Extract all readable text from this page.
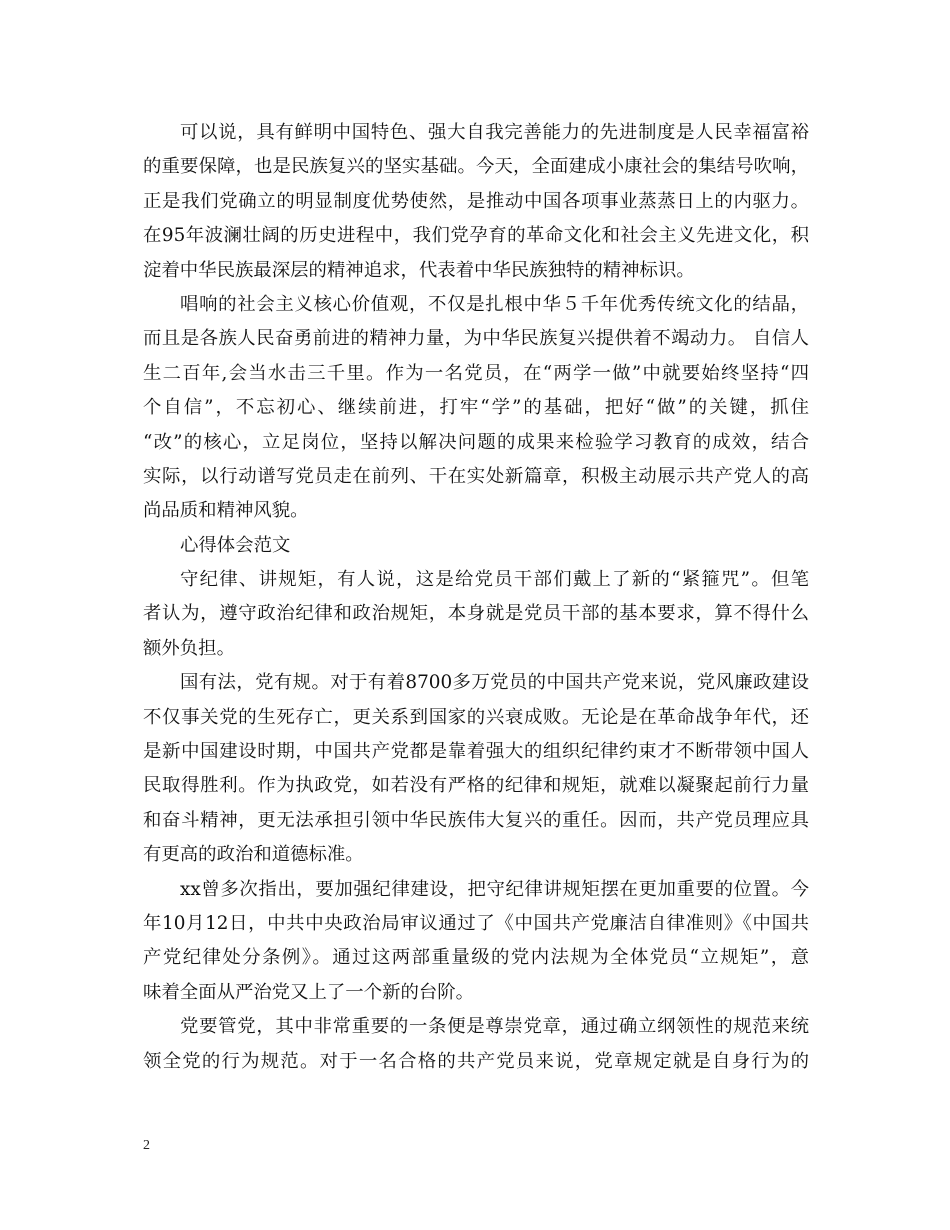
可以说，具有鲜明中国特色、强大自我完善能力的先进制度是人民幸福富裕
的重要保障，也是民族复兴的坚实基础。今天，全面建成小康社会的集结号吹响，
正是我们党确立的明显制度优势使然，是推动中国各项事业蒸蒸日上的内驱力。
在95年波澜壮阔的历史进程中，我们党孕育的革命文化和社会主义先进文化，积
淀着中华民族最深层的精神追求，代表着中华民族独特的精神标识。
唱响的社会主义核心价值观，不仅是扎根中华５千年优秀传统文化的结晶，
而且是各族人民奋勇前进的精神力量，为中华民族复兴提供着不竭动力。 自信人
生二百年,会当水击三千里。作为一名党员，在“两学一做”中就要始终坚持“四
个自信”，不忘初心、继续前进，打牢“学”的基础，把好“做”的关键，抓住
“改”的核心，立足岗位，坚持以解决问题的成果来检验学习教育的成效，结合
实际，以行动谱写党员走在前列、干在实处新篇章，积极主动展示共产党人的高
尚品质和精神风貌。
心得体会范文
守纪律、讲规矩，有人说，这是给党员干部们戴上了新的“紧箍咒”。但笔
者认为，遵守政治纪律和政治规矩，本身就是党员干部的基本要求，算不得什么
额外负担。
国有法，党有规。对于有着8700多万党员的中国共产党来说，党风廉政建设
不仅事关党的生死存亡，更关系到国家的兴衰成败。无论是在革命战争年代，还
是新中国建设时期，中国共产党都是靠着强大的组织纪律约束才不断带领中国人
民取得胜利。作为执政党，如若没有严格的纪律和规矩，就难以凝聚起前行力量
和奋斗精神，更无法承担引领中华民族伟大复兴的重任。因而，共产党员理应具
有更高的政治和道德标准。
xx曾多次指出，要加强纪律建设，把守纪律讲规矩摆在更加重要的位置。今
年10月12日，中共中央政治局审议通过了《中国共产党廉洁自律准则》《中国共
产党纪律处分条例》。通过这两部重量级的党内法规为全体党员“立规矩”，意
味着全面从严治党又上了一个新的台阶。
党要管党，其中非常重要的一条便是尊崇党章，通过确立纲领性的规范来统
领全党的行为规范。对于一名合格的共产党员来说，党章规定就是自身行为的
2
